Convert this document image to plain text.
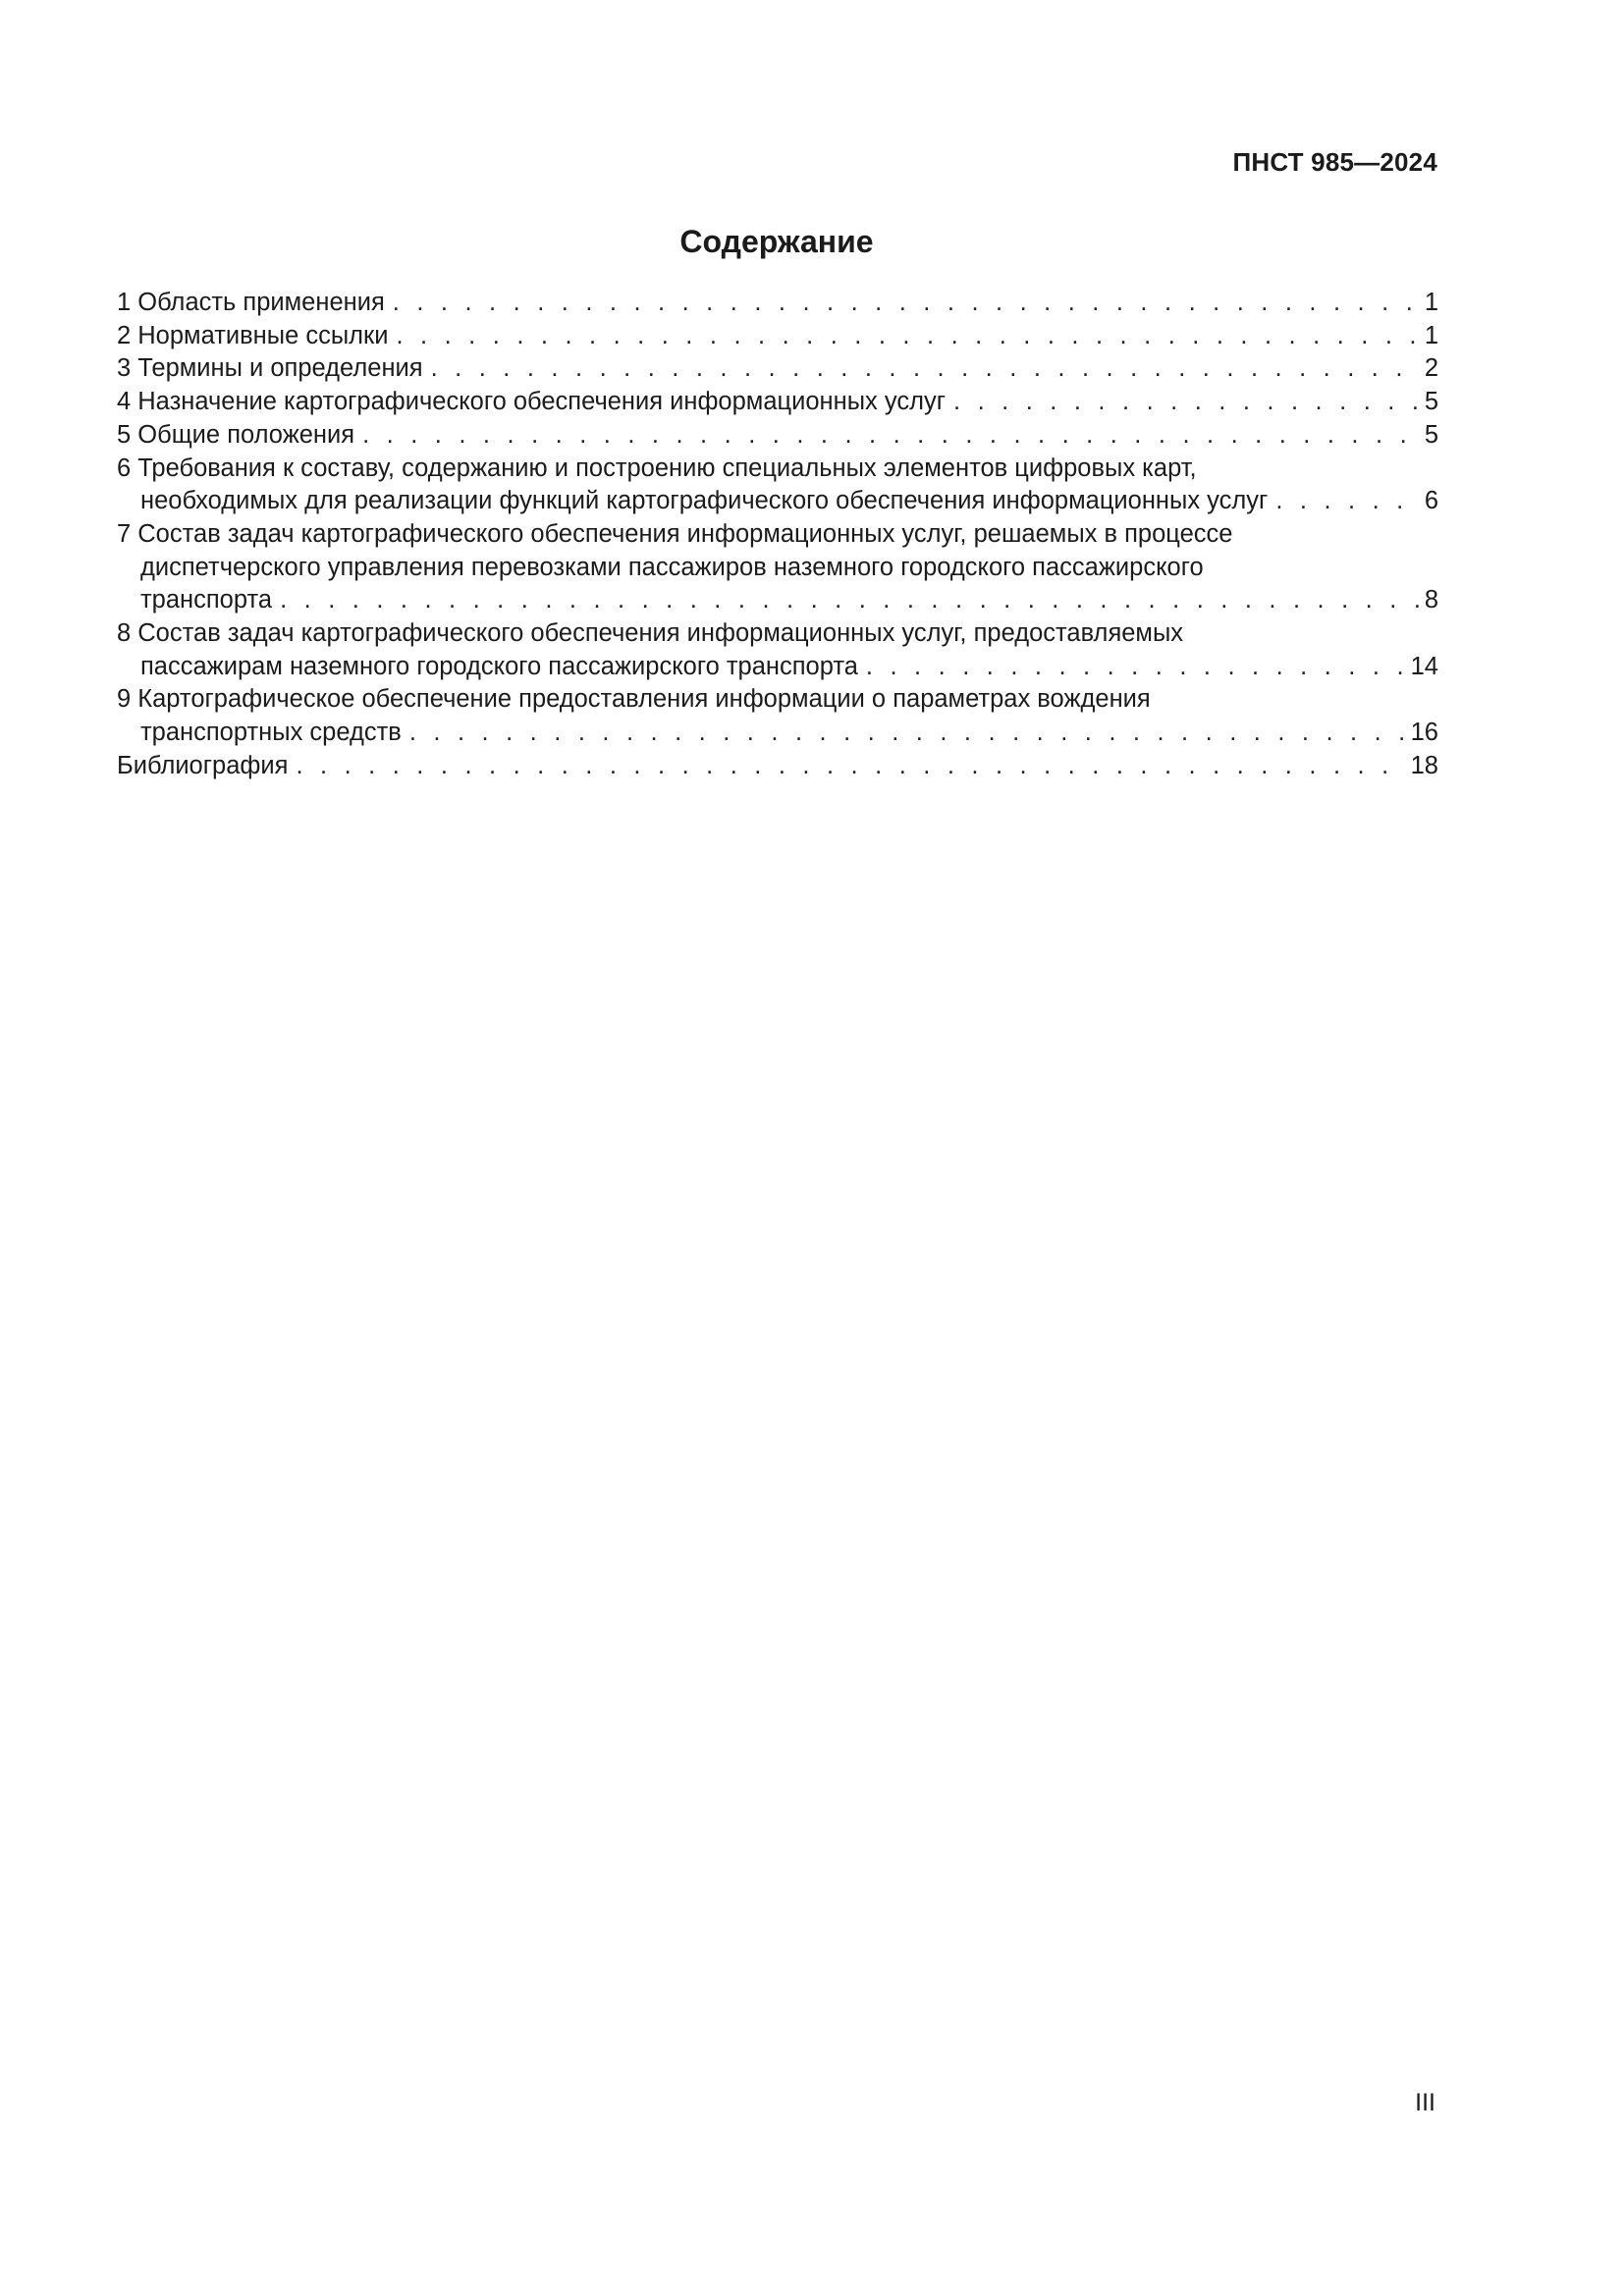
ПНСТ 985—2024
Содержание
1 Область применения . . .	1
2 Нормативные ссылки . . .	1
3 Термины и определения . . .	2
4 Назначение картографического обеспечения информационных услуг . . .	5
5 Общие положения . . .	5
6 Требования к составу, содержанию и построению специальных элементов цифровых карт,
необходимых для реализации функций картографического обеспечения информационных услуг . . .	6
7 Состав задач картографического обеспечения информационных услуг, решаемых в процессе
диспетчерского управления перевозками пассажиров наземного городского пассажирского
транспорта . . .	8
8 Состав задач картографического обеспечения информационных услуг, предоставляемых
пассажирам наземного городского пассажирского транспорта . . .	14
9 Картографическое обеспечение предоставления информации о параметрах вождения
транспортных средств . . .	16
Библиография . . .	18
III
